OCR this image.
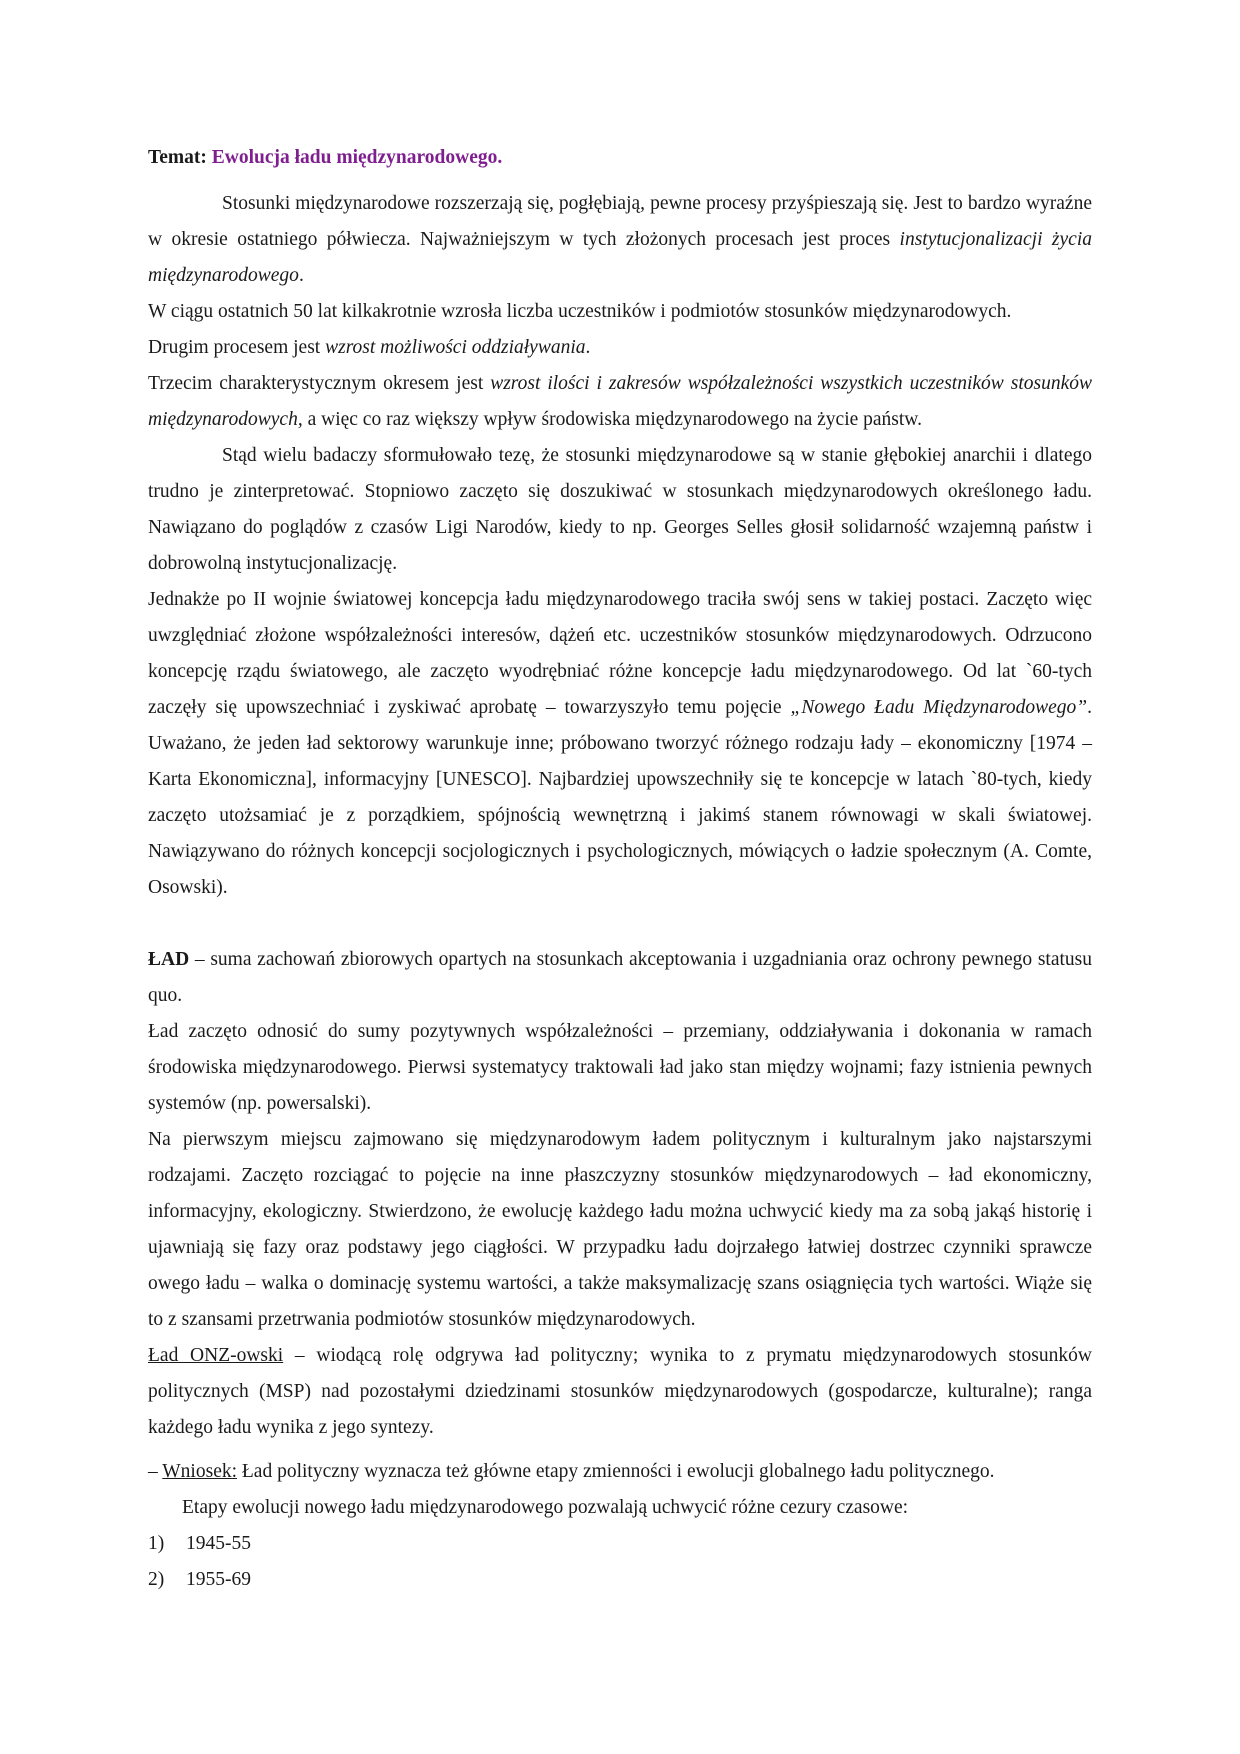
Temat: Ewolucja ładu międzynarodowego.

Stosunki międzynarodowe rozszerzają się, pogłębiają, pewne procesy przyśpieszają się. Jest to bardzo wyraźne w okresie ostatniego półwiecza. Najważniejszym w tych złożonych procesach jest proces instytucjonalizacji życia międzynarodowego.

W ciągu ostatnich 50 lat kilkakrotnie wzrosła liczba uczestników i podmiotów stosunków międzynarodowych.

Drugim procesem jest wzrost możliwości oddziaływania.

Trzecim charakterystycznym okresem jest wzrost ilości i zakresów współzależności wszystkich uczestników stosunków międzynarodowych, a więc co raz większy wpływ środowiska międzynarodowego na życie państw.

Stąd wielu badaczy sformułowało tezę, że stosunki międzynarodowe są w stanie głębokiej anarchii i dlatego trudno je zinterpretować. Stopniowo zaczęto się doszukiwać w stosunkach międzynarodowych określonego ładu. Nawiązano do poglądów z czasów Ligi Narodów, kiedy to np. Georges Selles głosił solidarność wzajemną państw i dobrowolną instytucjonalizację.

Jednakże po II wojnie światowej koncepcja ładu międzynarodowego traciła swój sens w takiej postaci. Zaczęto więc uwzględniać złożone współzależności interesów, dążeń etc. uczestników stosunków międzynarodowych. Odrzucono koncepcję rządu światowego, ale zaczęto wyodrębniać różne koncepcje ładu międzynarodowego. Od lat `60-tych zaczęły się upowszechniać i zyskiwać aprobatę – towarzyszyło temu pojęcie „Nowego Ładu Międzynarodowego”. Uważano, że jeden ład sektorowy warunkuje inne; próbowano tworzyć różnego rodzaju łady – ekonomiczny [1974 – Karta Ekonomiczna], informacyjny [UNESCO]. Najbardziej upowszechniły się te koncepcje w latach `80-tych, kiedy zaczęto utożsamiać je z porządkiem, spójnością wewnętrzną i jakimś stanem równowagi w skali światowej. Nawiązywano do różnych koncepcji socjologicznych i psychologicznych, mówiących o ładzie społecznym (A. Comte, Osowski).

ŁAD – suma zachowań zbiorowych opartych na stosunkach akceptowania i uzgadniania oraz ochrony pewnego statusu quo.

Ład zaczęto odnosić do sumy pozytywnych współzależności – przemiany, oddziaływania i dokonania w ramach środowiska międzynarodowego. Pierwsi systematycy traktowali ład jako stan między wojnami; fazy istnienia pewnych systemów (np. powersalski).

Na pierwszym miejscu zajmowano się międzynarodowym ładem politycznym i kulturalnym jako najstarszymi rodzajami. Zaczęto rozciągać to pojęcie na inne płaszczyzny stosunków międzynarodowych – ład ekonomiczny, informacyjny, ekologiczny. Stwierdzono, że ewolucję każdego ładu można uchwycić kiedy ma za sobą jakąś historię i ujawniają się fazy oraz podstawy jego ciągłości. W przypadku ładu dojrzałego łatwiej dostrzec czynniki sprawcze owego ładu – walka o dominację systemu wartości, a także maksymalizację szans osiągnięcia tych wartości. Wiąże się to z szansami przetrwania podmiotów stosunków międzynarodowych.

Ład ONZ-owski – wiodącą rolę odgrywa ład polityczny; wynika to z prymatu międzynarodowych stosunków politycznych (MSP) nad pozostałymi dziedzinami stosunków międzynarodowych (gospodarcze, kulturalne); ranga każdego ładu wynika z jego syntezy.

– Wniosek: Ład polityczny wyznacza też główne etapy zmienności i ewolucji globalnego ładu politycznego.

Etapy ewolucji nowego ładu międzynarodowego pozwalają uchwycić różne cezury czasowe:

1)	1945-55
2)	1955-69
